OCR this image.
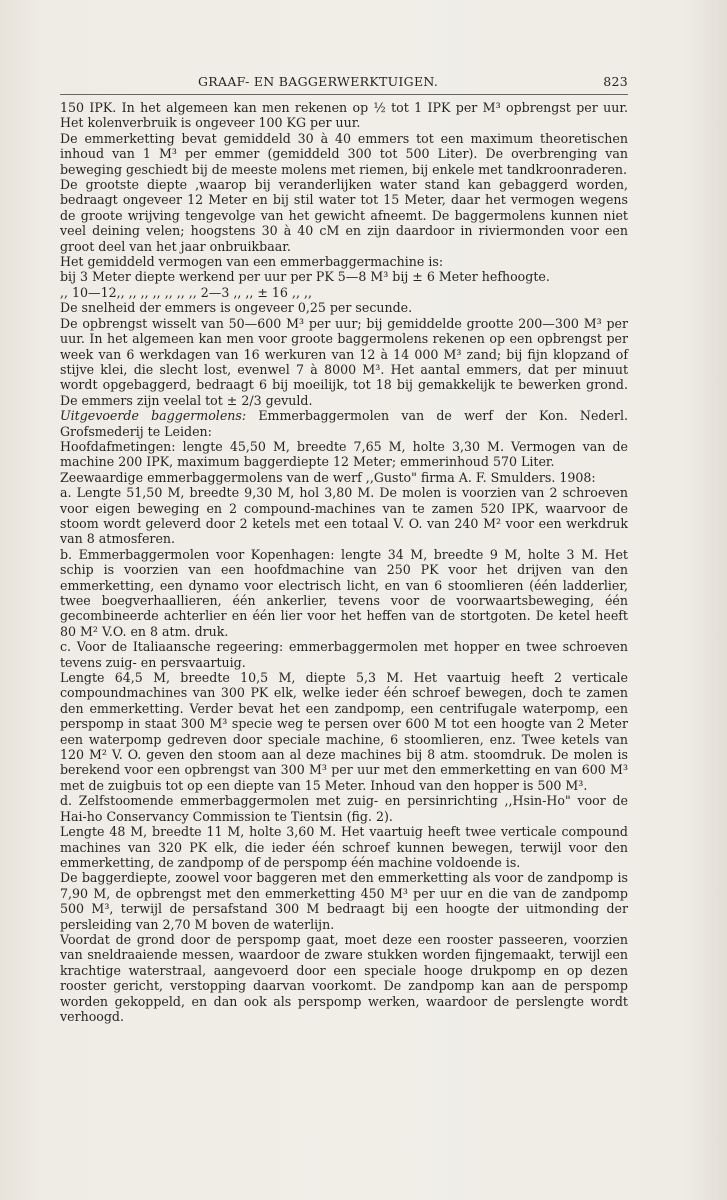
GRAAF- EN BAGGERWERKTUIGEN.	823

150 IPK. In het algemeen kan men rekenen op ½ tot 1 IPK per M³ opbrengst per uur. Het kolenverbruik is ongeveer 100 KG per uur.

De emmerketting bevat gemiddeld 30 à 40 emmers tot een maximum theoretischen inhoud van 1 M³ per emmer (gemiddeld 300 tot 500 Liter). De overbrenging van beweging geschiedt bij de meeste molens met riemen, bij enkele met tandkroonraderen.

De grootste diepte ,waarop bij veranderlijken water stand kan gebaggerd worden, bedraagt ongeveer 12 Meter en bij stil water tot 15 Meter, daar het vermogen wegens de groote wrijving tengevolge van het gewicht afneemt. De baggermolens kunnen niet veel deining velen; hoogstens 30 à 40 cM en zijn daardoor in riviermonden voor een groot deel van het jaar onbruikbaar.

Het gemiddeld vermogen van een emmerbaggermachine is:

bij 3 Meter diepte werkend per uur per PK 5—8 M³ bij ± 6 Meter hefhoogte.

,, 10—12,, ,, ,, ,, ,, ,, ,, 2—3 ,, ,, ± 16 ,, ,,

De snelheid der emmers is ongeveer 0,25 per secunde.

De opbrengst wisselt van 50—600 M³ per uur; bij gemiddelde grootte 200—300 M³ per uur. In het algemeen kan men voor groote baggermolens rekenen op een opbrengst per week van 6 werkdagen van 16 werkuren van 12 à 14 000 M³ zand; bij fijn klopzand of stijve klei, die slecht lost, evenwel 7 à 8000 M³. Het aantal emmers, dat per minuut wordt opgebaggerd, bedraagt 6 bij moeilijk, tot 18 bij gemakkelijk te bewerken grond. De emmers zijn veelal tot ± 2/3 gevuld.

Uitgevoerde baggermolens: Emmerbaggermolen van de werf der Kon. Nederl. Grofsmederij te Leiden:

Hoofdafmetingen: lengte 45,50 M, breedte 7,65 M, holte 3,30 M. Vermogen van de machine 200 IPK, maximum baggerdiepte 12 Meter; emmerinhoud 570 Liter.

Zeewaardige emmerbaggermolens van de werf ,,Gusto" firma A. F. Smulders. 1908:

a. Lengte 51,50 M, breedte 9,30 M, hol 3,80 M. De molen is voorzien van 2 schroeven voor eigen beweging en 2 compound-machines van te zamen 520 IPK, waarvoor de stoom wordt geleverd door 2 ketels met een totaal V. O. van 240 M² voor een werkdruk van 8 atmosferen.

b. Emmerbaggermolen voor Kopenhagen: lengte 34 M, breedte 9 M, holte 3 M. Het schip is voorzien van een hoofdmachine van 250 PK voor het drijven van den emmerketting, een dynamo voor electrisch licht, en van 6 stoomlieren (één ladderlier, twee boegverhaallieren, één ankerlier, tevens voor de voorwaartsbeweging, één gecombineerde achterlier en één lier voor het heffen van de stortgoten. De ketel heeft 80 M² V.O. en 8 atm. druk.

c. Voor de Italiaansche regeering: emmerbaggermolen met hopper en twee schroeven tevens zuig- en persvaartuig.

Lengte 64,5 M, breedte 10,5 M, diepte 5,3 M. Het vaartuig heeft 2 verticale compoundmachines van 300 PK elk, welke ieder één schroef bewegen, doch te zamen den emmerketting. Verder bevat het een zandpomp, een centrifugale waterpomp, een perspomp in staat 300 M³ specie weg te persen over 600 M tot een hoogte van 2 Meter een waterpomp gedreven door speciale machine, 6 stoomlieren, enz. Twee ketels van 120 M² V. O. geven den stoom aan al deze machines bij 8 atm. stoomdruk. De molen is berekend voor een opbrengst van 300 M³ per uur met den emmerketting en van 600 M³ met de zuigbuis tot op een diepte van 15 Meter. Inhoud van den hopper is 500 M³.

d. Zelfstoomende emmerbaggermolen met zuig- en persinrichting ,,Hsin-Ho" voor de Hai-ho Conservancy Commission te Tientsin (fig. 2).

Lengte 48 M, breedte 11 M, holte 3,60 M. Het vaartuig heeft twee verticale compound machines van 320 PK elk, die ieder één schroef kunnen bewegen, terwijl voor den emmerketting, de zandpomp of de perspomp één machine voldoende is.

De baggerdiepte, zoowel voor baggeren met den emmerketting als voor de zandpomp is 7,90 M, de opbrengst met den emmerketting 450 M³ per uur en die van de zandpomp 500 M³, terwijl de persafstand 300 M bedraagt bij een hoogte der uitmonding der persleiding van 2,70 M boven de waterlijn.

Voordat de grond door de perspomp gaat, moet deze een rooster passeeren, voorzien van sneldraaiende messen, waardoor de zware stukken worden fijngemaakt, terwijl een krachtige waterstraal, aangevoerd door een speciale hooge drukpomp en op dezen rooster gericht, verstopping daarvan voorkomt. De zandpomp kan aan de perspomp worden gekoppeld, en dan ook als perspomp werken, waardoor de perslengte wordt verhoogd.
